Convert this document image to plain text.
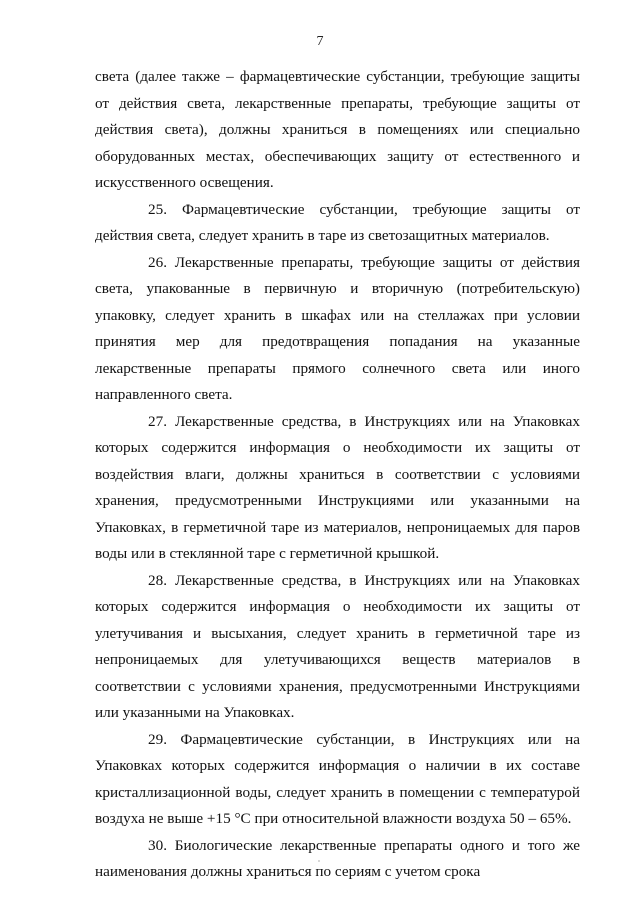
7

света (далее также – фармацевтические субстанции, требующие защиты от действия света, лекарственные препараты, требующие защиты от действия света), должны храниться в помещениях или специально оборудованных местах, обеспечивающих защиту от естественного и искусственного освещения.

25. Фармацевтические субстанции, требующие защиты от действия света, следует хранить в таре из светозащитных материалов.

26. Лекарственные препараты, требующие защиты от действия света, упакованные в первичную и вторичную (потребительскую) упаковку, следует хранить в шкафах или на стеллажах при условии принятия мер для предотвращения попадания на указанные лекарственные препараты прямого солнечного света или иного направленного света.

27. Лекарственные средства, в Инструкциях или на Упаковках которых содержится информация о необходимости их защиты от воздействия влаги, должны храниться в соответствии с условиями хранения, предусмотренными Инструкциями или указанными на Упаковках, в герметичной таре из материалов, непроницаемых для паров воды или в стеклянной таре с герметичной крышкой.

28. Лекарственные средства, в Инструкциях или на Упаковках которых содержится информация о необходимости их защиты от улетучивания и высыхания, следует хранить в герметичной таре из непроницаемых для улетучивающихся веществ материалов в соответствии с условиями хранения, предусмотренными Инструкциями или указанными на Упаковках.

29. Фармацевтические субстанции, в Инструкциях или на Упаковках которых содержится информация о наличии в их составе кристаллизационной воды, следует хранить в помещении с температурой воздуха не выше +15 °С при относительной влажности воздуха 50 – 65%.

30. Биологические лекарственные препараты одного и того же наименования должны храниться по сериям с учетом срока
